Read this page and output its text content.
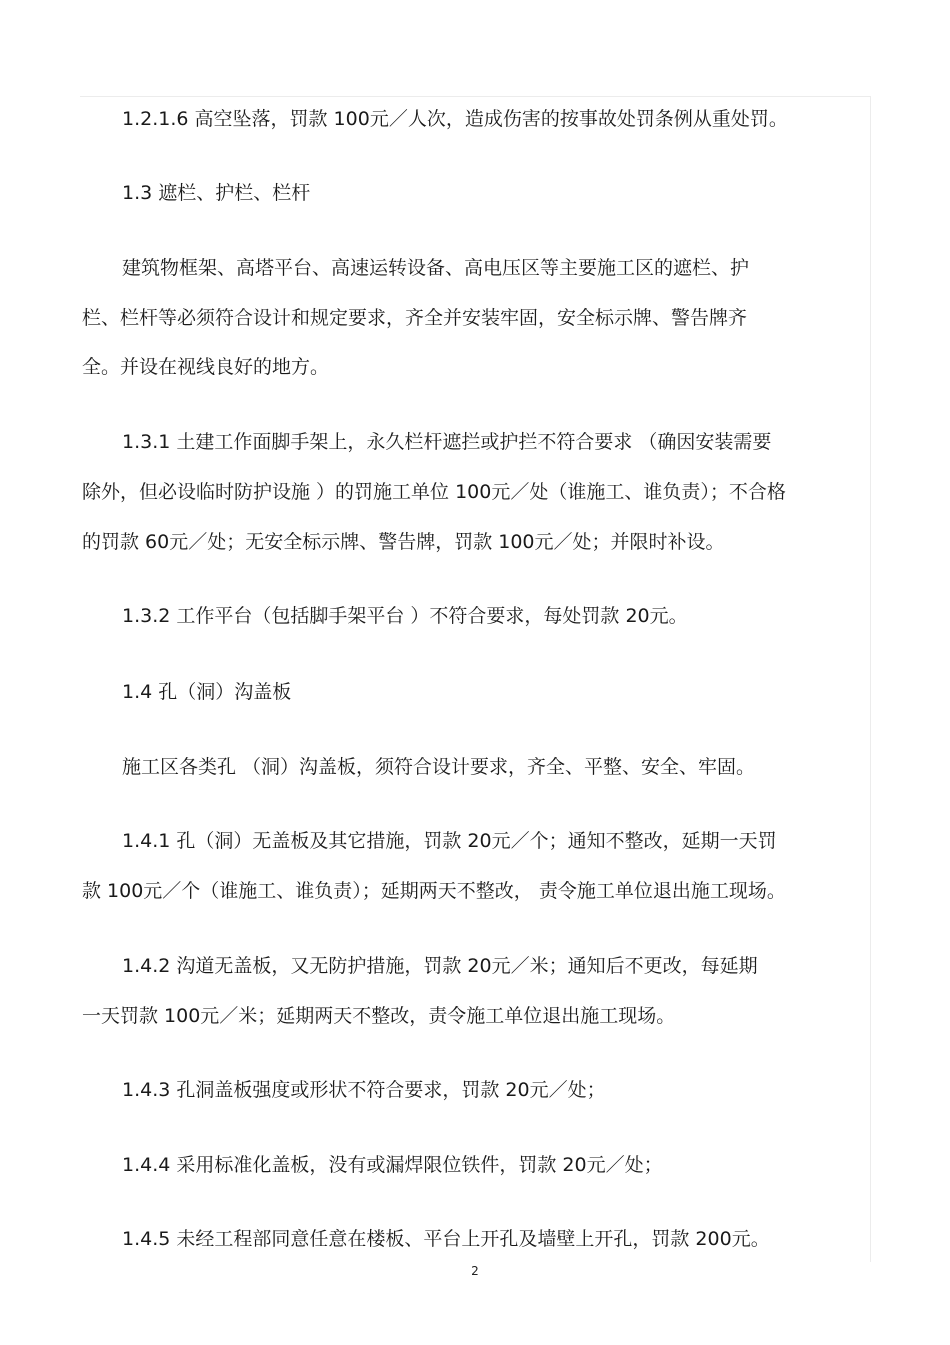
1.2.1.6 高空坠落，罚款 100元／人次，造成伤害的按事故处罚条例从重处罚。

1.3 遮栏、护栏、栏杆

建筑物框架、高塔平台、高速运转设备、高电压区等主要施工区的遮栏、护

栏、栏杆等必须符合设计和规定要求，齐全并安装牢固，安全标示牌、警告牌齐

全。并设在视线良好的地方。

1.3.1 土建工作面脚手架上，永久栏杆遮拦或护拦不符合要求 （确因安装需要

除外，但必设临时防护设施 ）的罚施工单位 100元／处（谁施工、谁负责）；不合格

的罚款 60元／处；无安全标示牌、警告牌，罚款 100元／处；并限时补设。

1.3.2 工作平台（包括脚手架平台 ）不符合要求，每处罚款 20元。

1.4 孔（洞）沟盖板

施工区各类孔 （洞）沟盖板，须符合设计要求，齐全、平整、安全、牢固。

1.4.1 孔（洞）无盖板及其它措施，罚款 20元／个；通知不整改，延期一天罚

款 100元／个（谁施工、谁负责）；延期两天不整改， 责令施工单位退出施工现场。

1.4.2 沟道无盖板，又无防护措施，罚款 20元／米；通知后不更改，每延期

一天罚款 100元／米；延期两天不整改，责令施工单位退出施工现场。

1.4.3 孔洞盖板强度或形状不符合要求，罚款 20元／处；

1.4.4 采用标准化盖板，没有或漏焊限位铁件，罚款 20元／处；

1.4.5 未经工程部同意任意在楼板、平台上开孔及墙壁上开孔，罚款 200元。

2
